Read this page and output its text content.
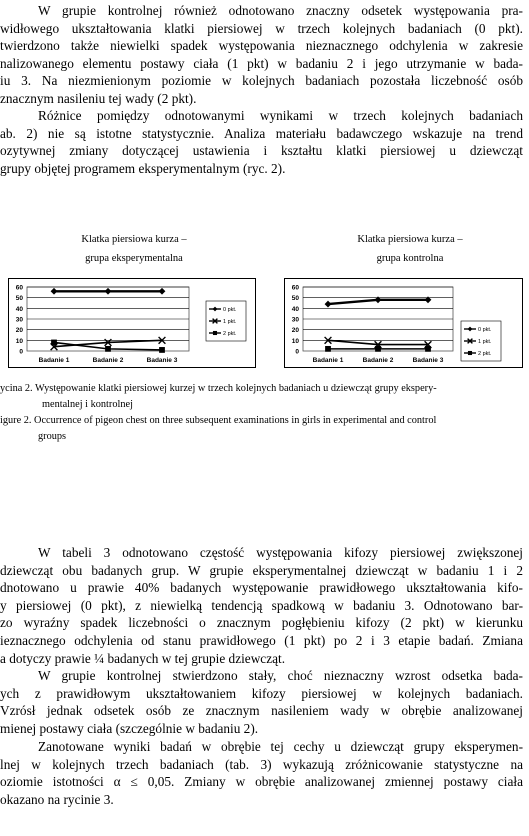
W grupie kontrolnej również odnotowano znaczny odsetek występowania pra-
widłowego ukształtowania klatki piersiowej w trzech kolejnych badaniach (0 pkt).
twierdzono także niewielki spadek występowania nieznacznego odchylenia w zakresie
nalizowanego elementu postawy ciała (1 pkt) w badaniu 2 i jego utrzymanie w bada-
iu 3. Na niezmienionym poziomie w kolejnych badaniach pozostała liczebność osób
znacznym nasileniu tej wady (2 pkt).
Różnice pomiędzy odnotowanymi wynikami w trzech kolejnych badaniach
ab. 2) nie są istotne statystycznie. Analiza materiału badawczego wskazuje na trend
ozytywnej zmiany dotyczącej ustawienia i kształtu klatki piersiowej u dziewcząt
grupy objętej programem eksperymentalnym (ryc. 2).
Klatka piersiowa kurza –
grupa eksperymentalna
Klatka piersiowa kurza –
grupa kontrolna
60
50
40
30
20
10
0
Badanie 1	Badanie 2	Badanie 3
0 pkt.
1 pkt.
2 pkt.
60
50
40
30
20
10
0
Badanie 1	Badanie 2	Badanie 3
0 pkt.
1 pkt.
2 pkt.
ycina 2. Występowanie klatki piersiowej kurzej w trzech kolejnych badaniach u dziewcząt grupy ekspery-
mentalnej i kontrolnej
igure 2. Occurrence of pigeon chest on three subsequent examinations in girls in experimental and control
groups
W tabeli 3 odnotowano częstość występowania kifozy piersiowej zwiększonej
dziewcząt obu badanych grup. W grupie eksperymentalnej dziewcząt w badaniu 1 i 2
dnotowano u prawie 40% badanych występowanie prawidłowego ukształtowania kifo-
y piersiowej (0 pkt), z niewielką tendencją spadkową w badaniu 3. Odnotowano bar-
zo wyraźny spadek liczebności o znacznym pogłębieniu kifozy (2 pkt) w kierunku
ieznacznego odchylenia od stanu prawidłowego (1 pkt) po 2 i 3 etapie badań. Zmiana
a dotyczy prawie ¼ badanych w tej grupie dziewcząt.
W grupie kontrolnej stwierdzono stały, choć nieznaczny wzrost odsetka bada-
ych z prawidłowym ukształtowaniem kifozy piersiowej w kolejnych badaniach.
Vzrósł jednak odsetek osób ze znacznym nasileniem wady w obrębie analizowanej
mienej postawy ciała (szczególnie w badaniu 2).
Zanotowane wyniki badań w obrębie tej cechy u dziewcząt grupy eksperymen-
lnej w kolejnych trzech badaniach (tab. 3) wykazują zróżnicowanie statystyczne na
oziomie istotności α ≤ 0,05. Zmiany w obrębie analizowanej zmiennej postawy ciała
okazano na rycinie 3.
